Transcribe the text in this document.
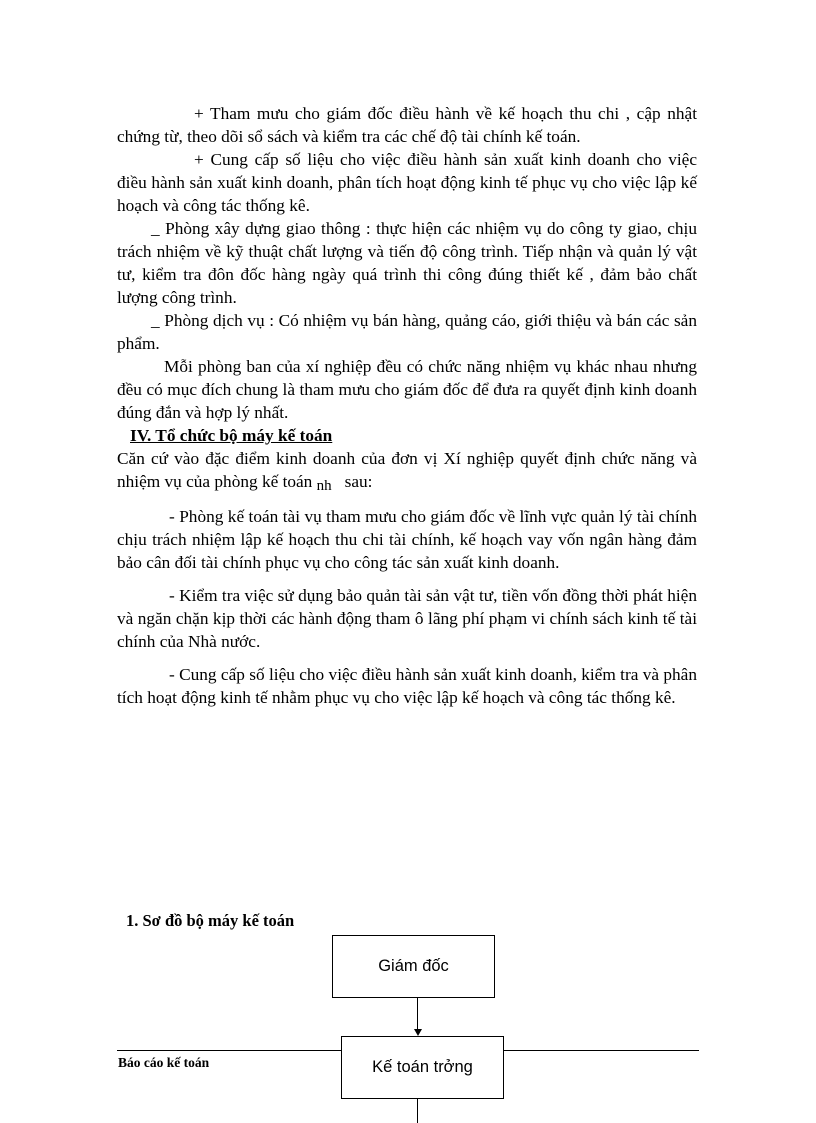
+ Tham mưu cho giám đốc điều hành về kế hoạch thu chi , cập nhật chứng từ, theo dõi sổ sách và kiểm tra các chế độ tài chính kế toán.

+ Cung cấp số liệu cho việc điều hành sản xuất kinh doanh cho việc điều hành sản xuất kinh doanh, phân tích hoạt động kinh tế phục vụ cho việc lập kế hoạch và công tác thống kê.

_ Phòng xây dựng giao thông : thực hiện các nhiệm vụ do công ty giao, chịu trách nhiệm về kỹ thuật chất lượng và tiến độ công trình. Tiếp nhận và quản lý vật tư, kiểm tra đôn đốc hàng ngày quá trình thi công đúng thiết kế , đảm bảo chất lượng công trình.

_ Phòng dịch vụ : Có nhiệm vụ bán hàng, quảng cáo, giới thiệu và bán các sản phẩm.

Mỗi phòng ban của xí nghiệp đều có chức năng nhiệm vụ khác nhau nhưng đều có mục đích chung là tham mưu cho giám đốc để đưa ra quyết định kinh doanh đúng đắn và hợp lý nhất.

IV. Tổ chức bộ máy kế toán

Căn cứ vào đặc điểm kinh doanh của đơn vị Xí nghiệp quyết định chức năng và nhiệm vụ của phòng kế toán nh sau:

- Phòng kế toán tài vụ tham mưu cho giám đốc về lĩnh vực quản lý tài chính chịu trách nhiệm lập kế hoạch thu chi tài chính, kế hoạch vay vốn ngân hàng đảm bảo cân đối tài chính phục vụ cho công tác sản xuất kinh doanh.

- Kiểm tra việc sử dụng bảo quản tài sản vật tư, tiền vốn đồng thời phát hiện và ngăn chặn kịp thời các hành động tham ô lãng phí phạm vi chính sách kinh tế tài chính của Nhà nước.

- Cung cấp số liệu cho việc điều hành sản xuất kinh doanh, kiểm tra và phân tích hoạt động kinh tế nhằm phục vụ cho việc lập kế hoạch và công tác thống kê.

1. Sơ đồ bộ máy kế toán
Giám đốc
Kế toán trởng
Báo cáo kế toán
